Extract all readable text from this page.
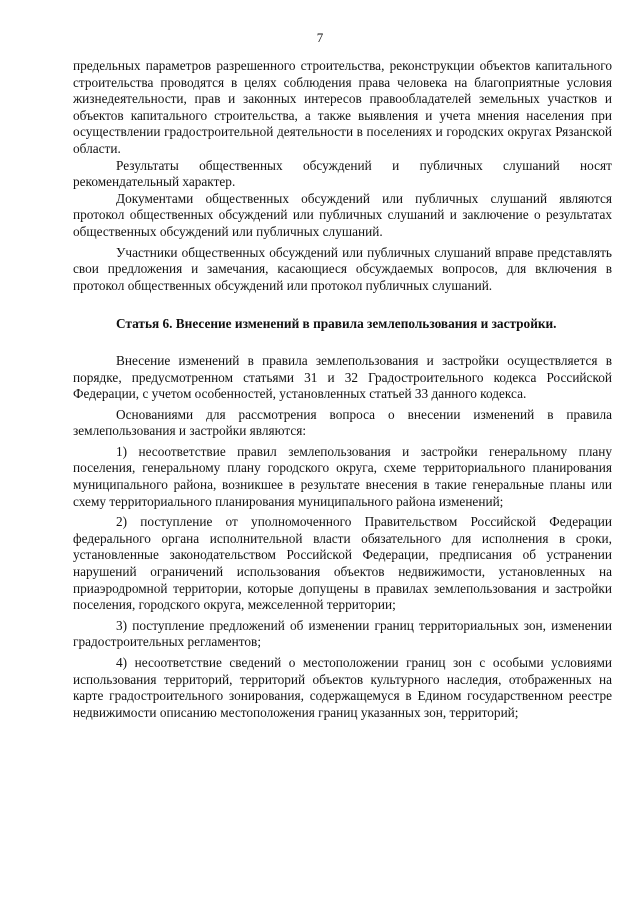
7

предельных параметров разрешенного строительства, реконструкции объектов капитального строительства проводятся в целях соблюдения права человека на благоприятные условия жизнедеятельности, прав и законных интересов правообладателей земельных участков и объектов капитального строительства, а также выявления и учета мнения населения при осуществлении градостроительной деятельности в поселениях и городских округах Рязанской области.

Результаты общественных обсуждений и публичных слушаний носят рекомендательный характер.

Документами общественных обсуждений или публичных слушаний являются протокол общественных обсуждений или публичных слушаний и заключение о результатах общественных обсуждений или публичных слушаний.

Участники общественных обсуждений или публичных слушаний вправе представлять свои предложения и замечания, касающиеся обсуждаемых вопросов, для включения в протокол общественных обсуждений или протокол публичных слушаний.

Статья 6. Внесение изменений в правила землепользования и застройки.

Внесение изменений в правила землепользования и застройки осуществляется в порядке, предусмотренном статьями 31 и 32 Градостроительного кодекса Российской Федерации, с учетом особенностей, установленных статьей 33 данного кодекса.

Основаниями для рассмотрения вопроса о внесении изменений в правила землепользования и застройки являются:

1) несоответствие правил землепользования и застройки генеральному плану поселения, генеральному плану городского округа, схеме территориального планирования муниципального района, возникшее в результате внесения в такие генеральные планы или схему территориального планирования муниципального района изменений;

2) поступление от уполномоченного Правительством Российской Федерации федерального органа исполнительной власти обязательного для исполнения в сроки, установленные законодательством Российской Федерации, предписания об устранении нарушений ограничений использования объектов недвижимости, установленных на приаэродромной территории, которые допущены в правилах землепользования и застройки поселения, городского округа, межселенной территории;

3) поступление предложений об изменении границ территориальных зон, изменении градостроительных регламентов;

4) несоответствие сведений о местоположении границ зон с особыми условиями использования территорий, территорий объектов культурного наследия, отображенных на карте градостроительного зонирования, содержащемуся в Едином государственном реестре недвижимости описанию местоположения границ указанных зон, территорий;
